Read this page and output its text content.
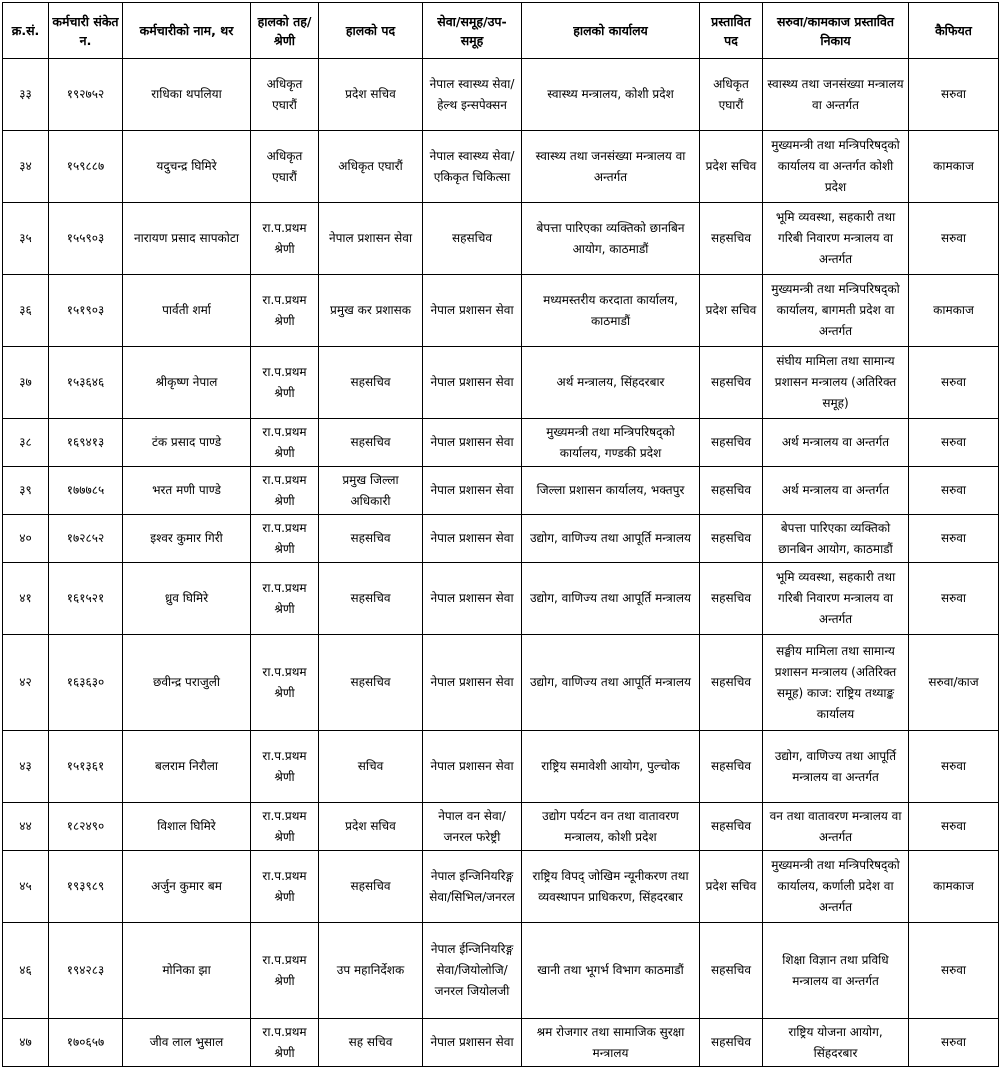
क्र.सं.	कर्मचारी संकेत न.	कर्मचारीको नाम, थर	हालको तह/श्रेणी	हालको पद	सेवा/समूह/उप-समूह	हालको कार्यालय	प्रस्तावित पद	सरुवा/कामकाज प्रस्तावित निकाय	कैफियत
३३	१९२७५२	राधिका थपलिया	अधिकृत एघारौं	प्रदेश सचिव	नेपाल स्वास्थ्य सेवा/हेल्थ इन्सपेक्सन	स्वास्थ्य मन्त्रालय, कोशी प्रदेश	अधिकृत एघारौं	स्वास्थ्य तथा जनसंख्या मन्त्रालय वा अन्तर्गत	सरुवा
३४	१५९८८७	यदुचन्द्र घिमिरे	अधिकृत एघारौं	अधिकृत एघारौं	नेपाल स्वास्थ्य सेवा/एकिकृत चिकित्सा	स्वास्थ्य तथा जनसंख्या मन्त्रालय वा अन्तर्गत	प्रदेश सचिव	मुख्यमन्त्री तथा मन्त्रिपरिषद्को कार्यालय वा अन्तर्गत कोशी प्रदेश	कामकाज
३५	१५५९०३	नारायण प्रसाद सापकोटा	रा.प.प्रथम श्रेणी	नेपाल प्रशासन सेवा	सहसचिव	बेपत्ता पारिएका व्यक्तिको छानबिन आयोग, काठमाडौं	सहसचिव	भूमि व्यवस्था, सहकारी तथा गरिबी निवारण मन्त्रालय वा अन्तर्गत	सरुवा
३६	१५१९०३	पार्वती शर्मा	रा.प.प्रथम श्रेणी	प्रमुख कर प्रशासक	नेपाल प्रशासन सेवा	मध्यमस्तरीय करदाता कार्यालय, काठमाडौं	प्रदेश सचिव	मुख्यमन्त्री तथा मन्त्रिपरिषद्को कार्यालय, बागमती प्रदेश वा अन्तर्गत	कामकाज
३७	१५३६४६	श्रीकृष्ण नेपाल	रा.प.प्रथम श्रेणी	सहसचिव	नेपाल प्रशासन सेवा	अर्थ मन्त्रालय, सिंहदरबार	सहसचिव	संघीय मामिला तथा सामान्य प्रशासन मन्त्रालय (अतिरिक्त समूह)	सरुवा
३८	१६९४१३	टंक प्रसाद पाण्डे	रा.प.प्रथम श्रेणी	सहसचिव	नेपाल प्रशासन सेवा	मुख्यमन्त्री तथा मन्त्रिपरिषद्को कार्यालय, गण्डकी प्रदेश	सहसचिव	अर्थ मन्त्रालय वा अन्तर्गत	सरुवा
३९	१७७७८५	भरत मणी पाण्डे	रा.प.प्रथम श्रेणी	प्रमुख जिल्ला अधिकारी	नेपाल प्रशासन सेवा	जिल्ला प्रशासन कार्यालय, भक्तपुर	सहसचिव	अर्थ मन्त्रालय वा अन्तर्गत	सरुवा
४०	१७२८५२	इश्वर कुमार गिरी	रा.प.प्रथम श्रेणी	सहसचिव	नेपाल प्रशासन सेवा	उद्योग, वाणिज्य तथा आपूर्ति मन्त्रालय	सहसचिव	बेपत्ता पारिएका व्यक्तिको छानबिन आयोग, काठमाडौं	सरुवा
४१	१६१५२१	ध्रुव घिमिरे	रा.प.प्रथम श्रेणी	सहसचिव	नेपाल प्रशासन सेवा	उद्योग, वाणिज्य तथा आपूर्ति मन्त्रालय	सहसचिव	भूमि व्यवस्था, सहकारी तथा गरिबी निवारण मन्त्रालय वा अन्तर्गत	सरुवा
४२	१६३६३०	छवीन्द्र पराजुली	रा.प.प्रथम श्रेणी	सहसचिव	नेपाल प्रशासन सेवा	उद्योग, वाणिज्य तथा आपूर्ति मन्त्रालय	सहसचिव	सङ्घीय मामिला तथा सामान्य प्रशासन मन्त्रालय (अतिरिक्त समूह) काज: राष्ट्रिय तथ्याङ्क कार्यालय	सरुवा/काज
४३	१५१३६१	बलराम निरौला	रा.प.प्रथम श्रेणी	सचिव	नेपाल प्रशासन सेवा	राष्ट्रिय समावेशी आयोग, पुल्चोक	सहसचिव	उद्योग, वाणिज्य तथा आपूर्ति मन्त्रालय वा अन्तर्गत	सरुवा
४४	१८२४९०	विशाल घिमिरे	रा.प.प्रथम श्रेणी	प्रदेश सचिव	नेपाल वन सेवा/जनरल फरेष्ट्री	उद्योग पर्यटन वन तथा वातावरण मन्त्रालय, कोशी प्रदेश	सहसचिव	वन तथा वातावरण मन्त्रालय वा अन्तर्गत	सरुवा
४५	१९३९८९	अर्जुन कुमार बम	रा.प.प्रथम श्रेणी	सहसचिव	नेपाल इन्जिनियरिङ्ग सेवा/सिभिल/जनरल	राष्ट्रिय विपद् जोखिम न्यूनीकरण तथा व्यवस्थापन प्राधिकरण, सिंहदरबार	प्रदेश सचिव	मुख्यमन्त्री तथा मन्त्रिपरिषद्को कार्यालय, कर्णाली प्रदेश वा अन्तर्गत	कामकाज
४६	१९४२८३	मोनिका झा	रा.प.प्रथम श्रेणी	उप महानिर्देशक	नेपाल ईन्जिनियरिङ्ग सेवा/जियोलोजि/जनरल जियोलजी	खानी तथा भूगर्भ विभाग काठमाडौं	सहसचिव	शिक्षा विज्ञान तथा प्रविधि मन्त्रालय वा अन्तर्गत	सरुवा
४७	१७०६५७	जीव लाल भुसाल	रा.प.प्रथम श्रेणी	सह सचिव	नेपाल प्रशासन सेवा	श्रम रोजगार तथा सामाजिक सुरक्षा मन्त्रालय	सहसचिव	राष्ट्रिय योजना आयोग, सिंहदरबार	सरुवा
